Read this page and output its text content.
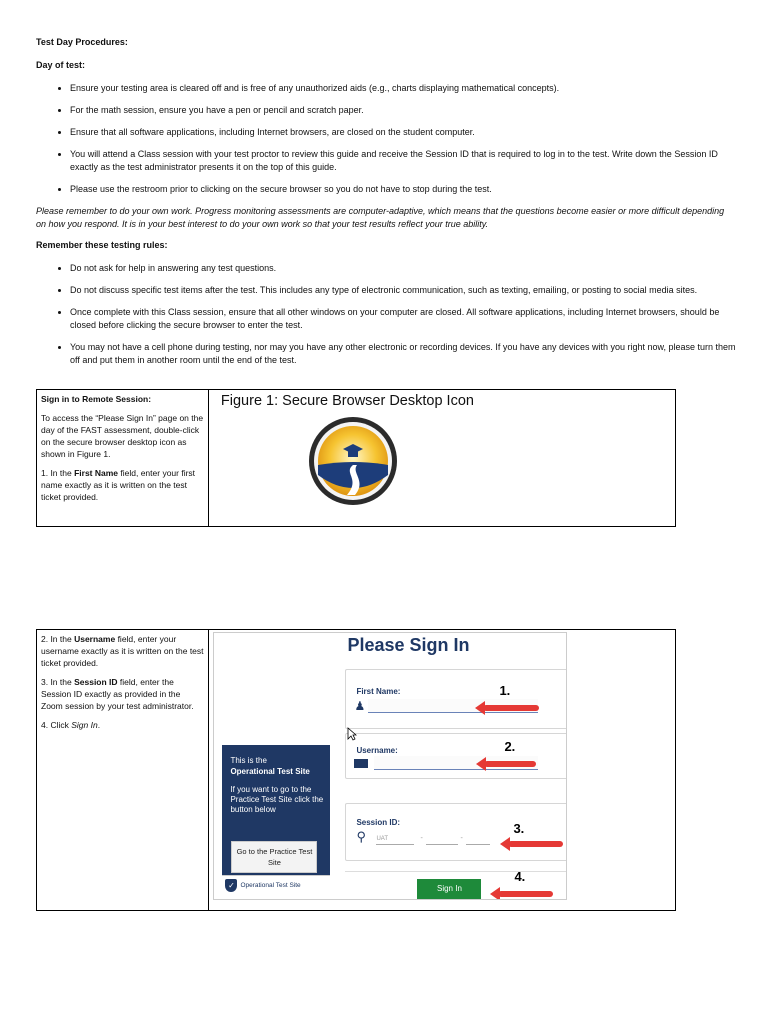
Test Day Procedures:

Day of test:

• Ensure your testing area is cleared off and is free of any unauthorized aids (e.g., charts displaying mathematical concepts).
• For the math session, ensure you have a pen or pencil and scratch paper.
• Ensure that all software applications, including Internet browsers, are closed on the student computer.
• You will attend a Class session with your test proctor to review this guide and receive the Session ID that is required to log in to the test. Write down the Session ID exactly as the test administrator presents it on the top of this guide.
• Please use the restroom prior to clicking on the secure browser so you do not have to stop during the test.

Please remember to do your own work. Progress monitoring assessments are computer-adaptive, which means that the questions become easier or more difficult depending on how you respond. It is in your best interest to do your own work so that your test results reflect your true ability.

Remember these testing rules:

• Do not ask for help in answering any test questions.
• Do not discuss specific test items after the test. This includes any type of electronic communication, such as texting, emailing, or posting to social media sites.
• Once complete with this Class session, ensure that all other windows on your computer are closed. All software applications, including Internet browsers, should be closed before clicking the secure browser to enter the test.
• You may not have a cell phone during testing, nor may you have any other electronic or recording devices. If you have any devices with you right now, please turn them off and put them in another room until the end of the test.

Sign in to Remote Session:

To access the “Please Sign In” page on the day of the FAST assessment, double-click on the secure browser desktop icon as shown in Figure 1.

1. In the First Name field, enter your first name exactly as it is written on the test ticket provided.

Figure 1: Secure Browser Desktop Icon

2. In the Username field, enter your username exactly as it is written on the test ticket provided.

3. In the Session ID field, enter the Session ID exactly as provided in the Zoom session by your test administrator.

4. Click Sign In.

Please Sign In
First Name:
♟
1.
Username:	2.
Session ID:
⚲ UAT	-	-
3.
This is the
Operational Test Site
If you want to go to the Practice Test Site click the button below
Go to the Practice Test Site
✓ Operational Test Site	Sign In
4.
